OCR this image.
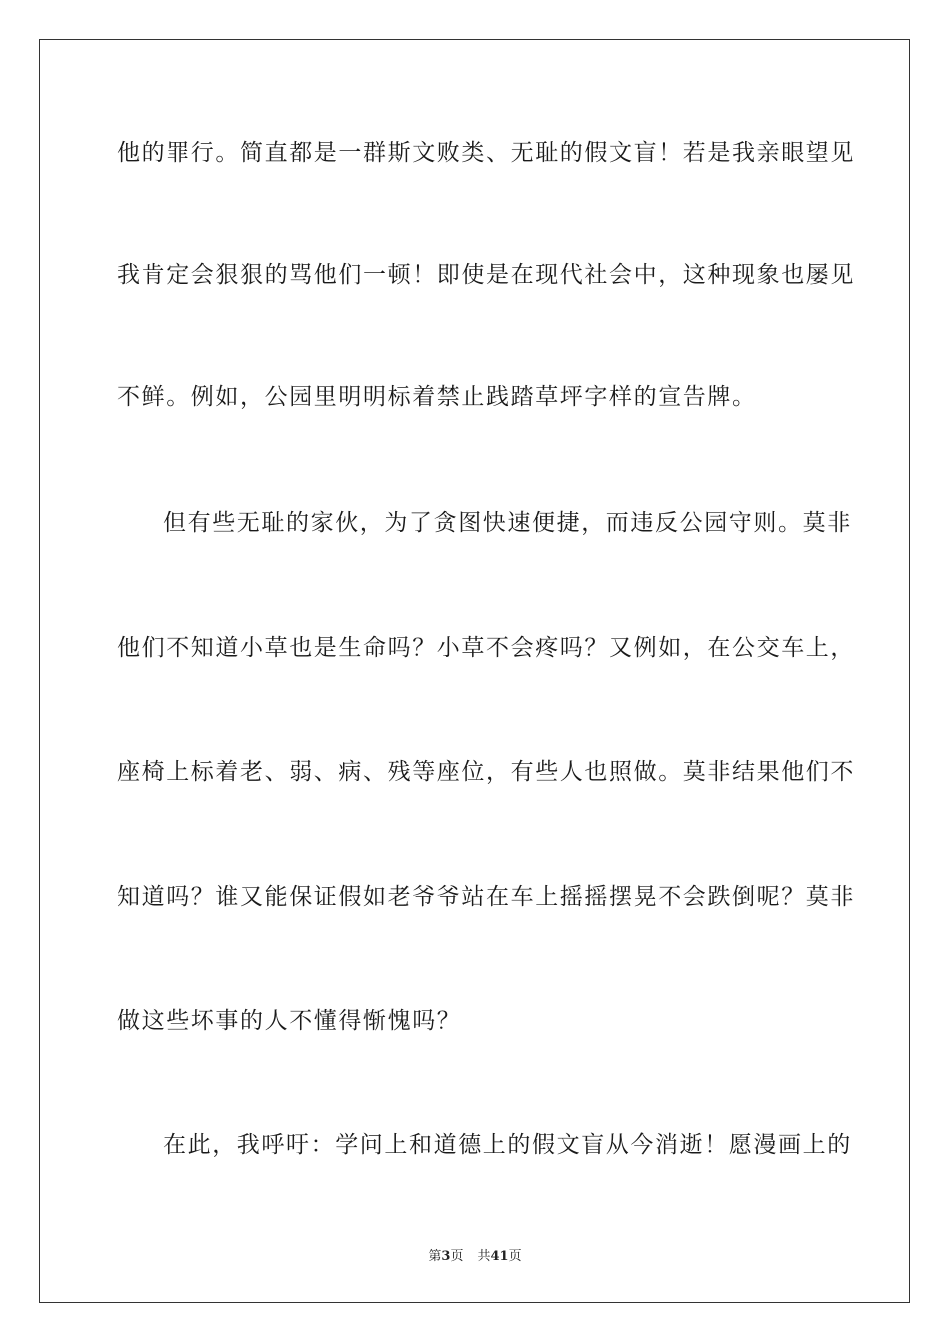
他的罪行。简直都是一群斯文败类、无耻的假文盲！若是我亲眼望见
我肯定会狠狠的骂他们一顿！即使是在现代社会中，这种现象也屡见
不鲜。例如，公园里明明标着禁止践踏草坪字样的宣告牌。
但有些无耻的家伙，为了贪图快速便捷，而违反公园守则。莫非
他们不知道小草也是生命吗？小草不会疼吗？又例如，在公交车上，
座椅上标着老、弱、病、残等座位，有些人也照做。莫非结果他们不
知道吗？谁又能保证假如老爷爷站在车上摇摇摆晃不会跌倒呢？莫非
做这些坏事的人不懂得惭愧吗？
在此，我呼吁：学问上和道德上的假文盲从今消逝！愿漫画上的
第3页 共41页
